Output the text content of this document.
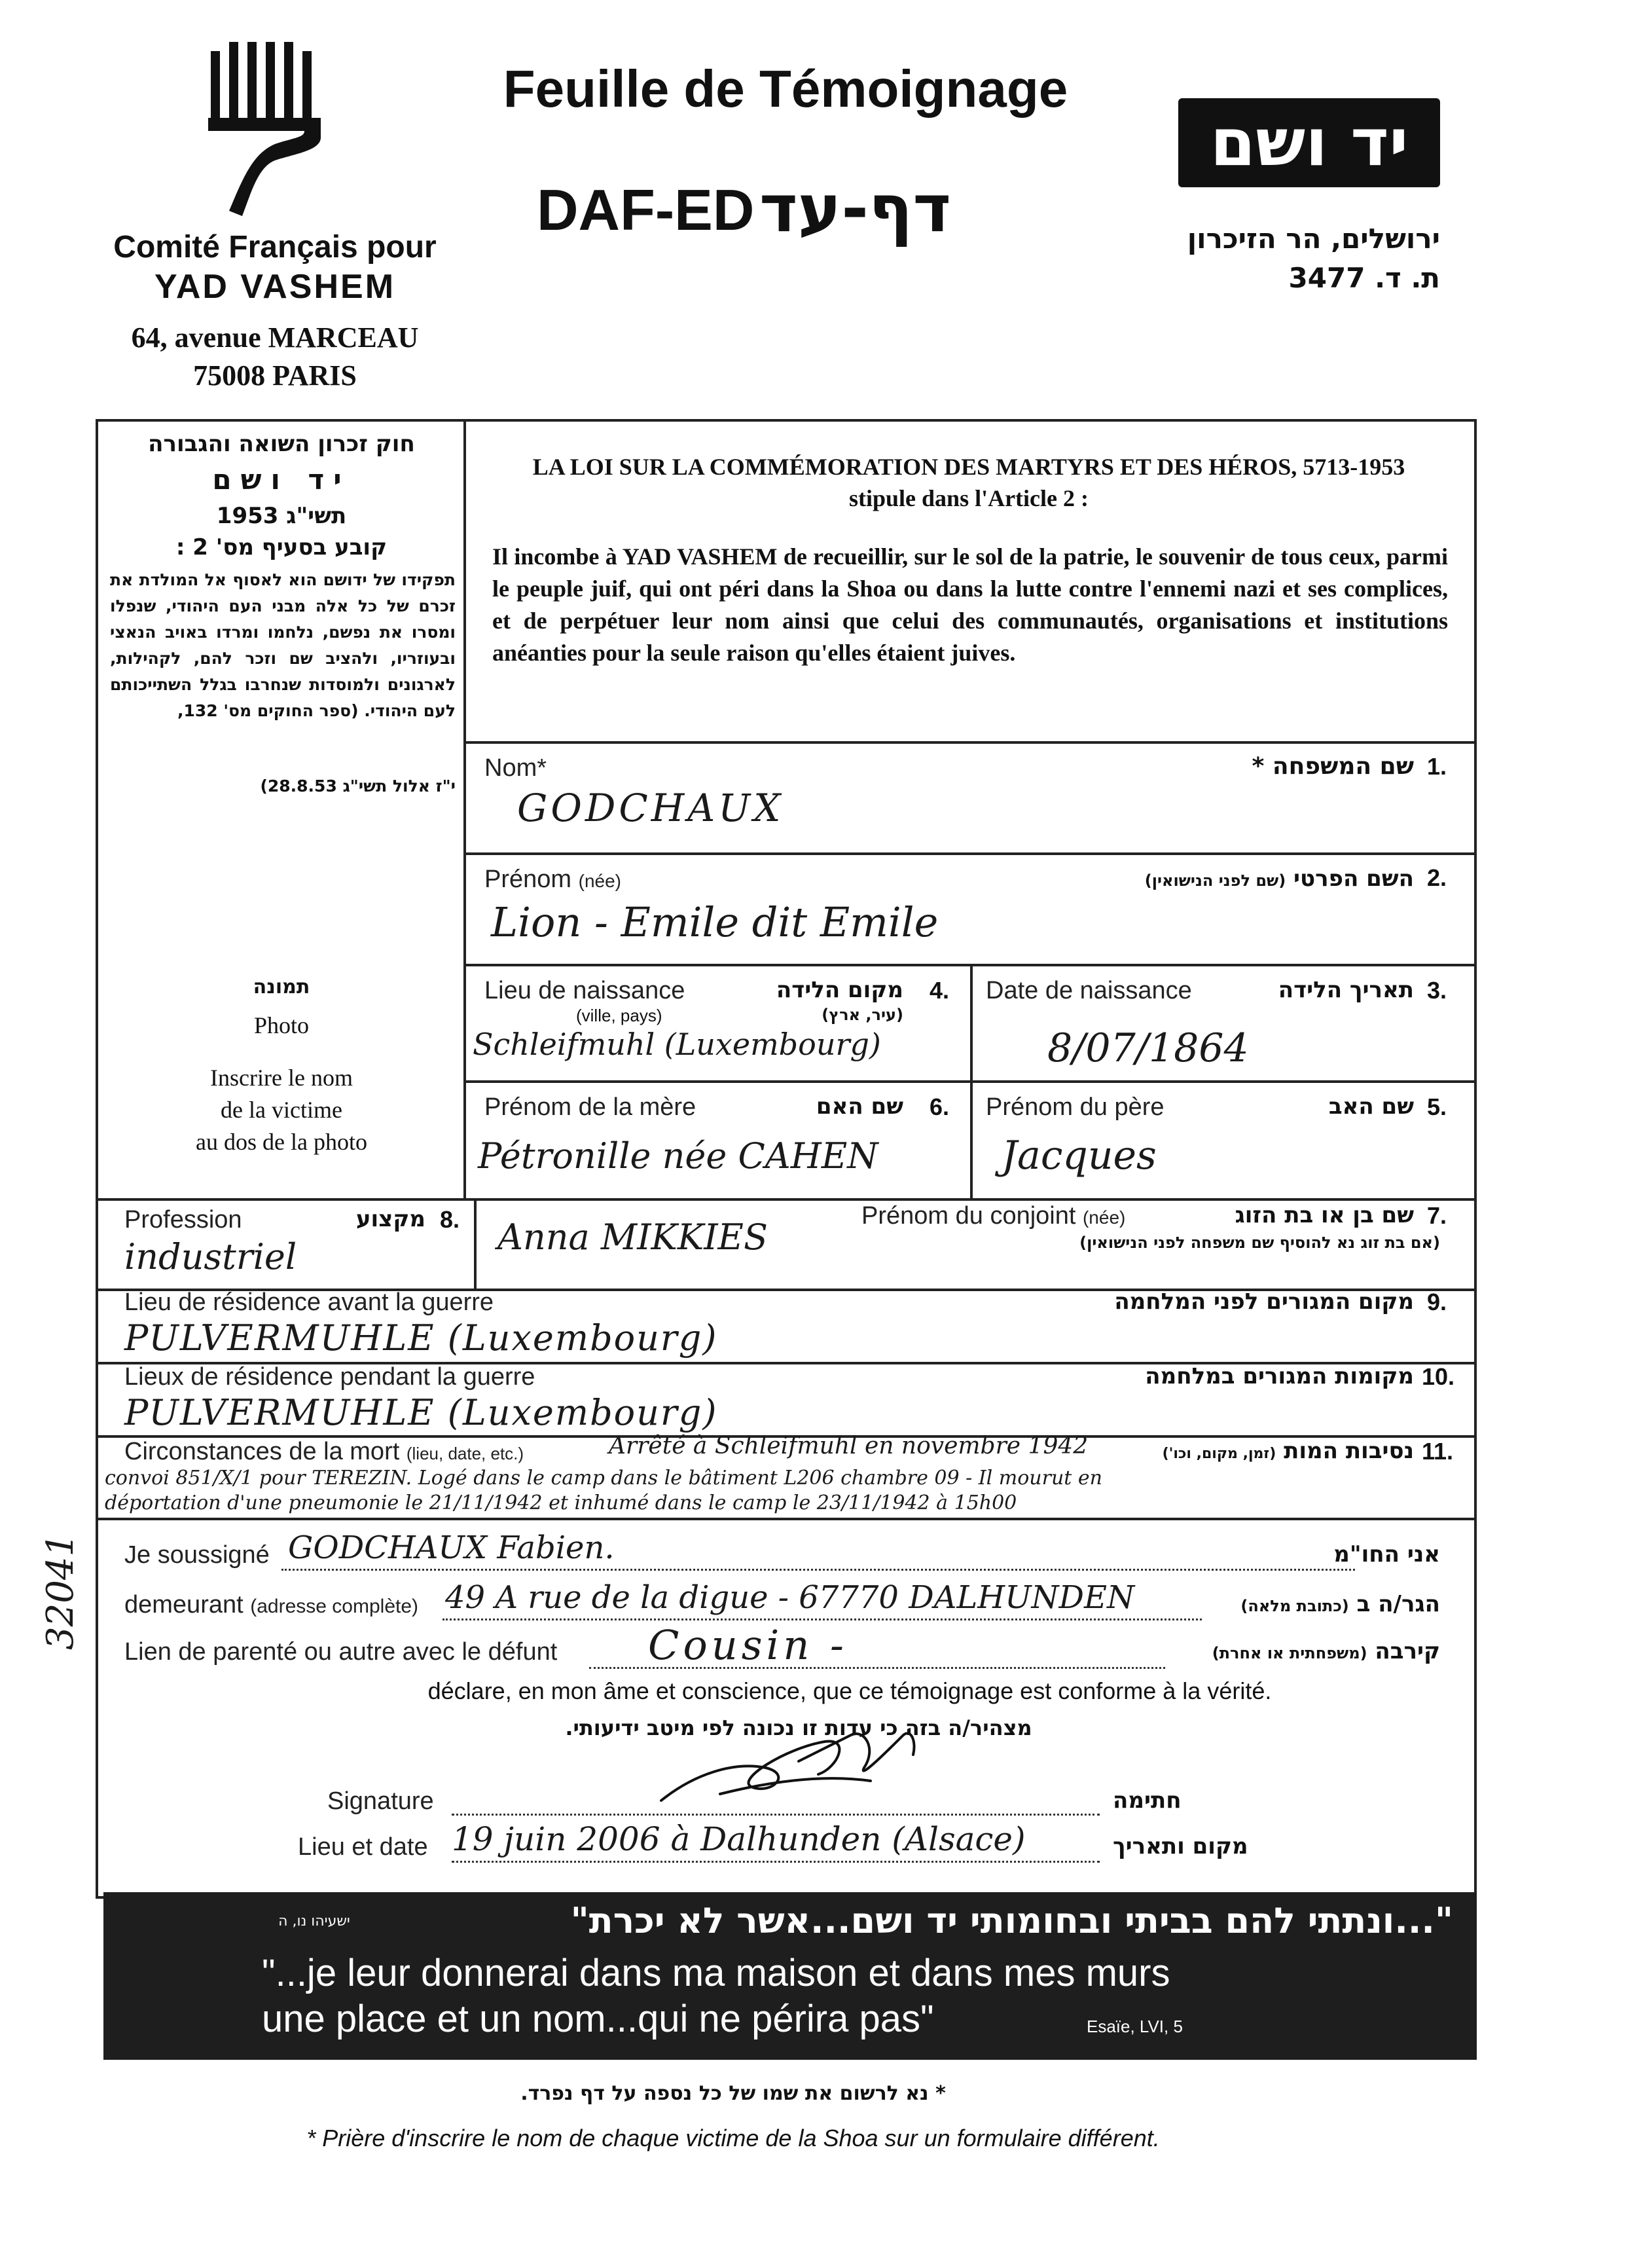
Comité Français pour
YAD VASHEM
64, avenue MARCEAU
75008 PARIS
Feuille de Témoignage
DAF-ED דף-עד
יד ושם
ירושלים, הר הזיכרון
ת. ד. 3477
חוק זכרון השואה והגבורה
יד ושם
תשי"ג 1953
קובע בסעיף מס' 2 :
תפקידו של ידושם הוא לאסוף אל המולדת את זכרם של כל אלה מבני העם היהודי, שנפלו ומסרו את נפשם, נלחמו ומרדו באויב הנאצי ובעוזריו, ולהציב שם וזכר להם, לקהילות, לארגונים ולמוסדות שנחרבו בגלל השתייכותם לעם היהודי. (ספר החוקים מס' 132,
י"ז אלול תשי"ג 28.8.53)
LA LOI SUR LA COMMÉMORATION DES MARTYRS ET DES HÉROS, 5713-1953
stipule dans l'Article 2 :
Il incombe à YAD VASHEM de recueillir, sur le sol de la patrie, le souvenir de tous ceux, parmi le peuple juif, qui ont péri dans la Shoa ou dans la lutte contre l'ennemi nazi et ses complices, et de perpétuer leur nom ainsi que celui des communautés, organisations et institutions anéanties pour la seule raison qu'elles étaient juives.
תמונה
Photo
Inscrire le nom
de la victime
au dos de la photo
Nom*	שם המשפחה * 1.
GODCHAUX
Prénom (née)	השם הפרטי (שם לפני הנישואין)	2.
Lion - Emile dit Emile
Lieu de naissance
(ville, pays)
מקום הלידה
(עיר, ארץ)
4.
Schleifmuhl (Luxembourg)
Date de naissance	תאריך הלידה 3.
8/07/1864
Prénom de la mère	שם האם 6.
Pétronille née CAHEN
Prénom du père	שם האב 5.
Jacques
Profession	מקצוע 8.
industriel
Prénom du conjoint (née)	שם בן או בת הזוג
(אם בת זוג נא להוסיף שם משפחה לפני הנישואין)
7.
Anna MIKKIES
Lieu de résidence avant la guerre	מקום המגורים לפני המלחמה 9.
PULVERMUHLE (Luxembourg)
Lieux de résidence pendant la guerre	מקומות המגורים במלחמה 10.
PULVERMUHLE (Luxembourg)
Circonstances de la mort (lieu, date, etc.)	נסיבות המות (זמן, מקום, וכו')	11.
Arrêté à Schleifmuhl en novembre 1942
convoi 851/X/1 pour TEREZIN. Logé dans le camp dans le bâtiment L206 chambre 09 - Il mourut en
déportation d'une pneumonie le 21/11/1942 et inhumé dans le camp le 23/11/1942 à 15h00
Je soussigné GODCHAUX Fabien.	אני החו"מ
demeurant (adresse complète) 49 A rue de la digue - 67770 DALHUNDEN	הגר/ה ב (כתובת מלאה)
Lien de parenté ou autre avec le défunt Cousin -	קירבה (משפחתית או אחרת)
déclare, en mon âme et conscience, que ce témoignage est conforme à la vérité.
מצהיר/ה בזה כי עדות זו נכונה לפי מיטב ידיעותי.
Signature	חתימה
Lieu et date 19 juin 2006 à Dalhunden (Alsace)	מקום ותאריך
32041
"...ונתתי להם בביתי ובחומותי יד ושם...אשר לא יכרת"
ישעיהו נו, ה
"...je leur donnerai dans ma maison et dans mes murs
une place et un nom...qui ne périra pas"	Esaïe, LVI, 5
* נא לרשום את שמו של כל נספה על דף נפרד.
* Prière d'inscrire le nom de chaque victime de la Shoa sur un formulaire différent.
